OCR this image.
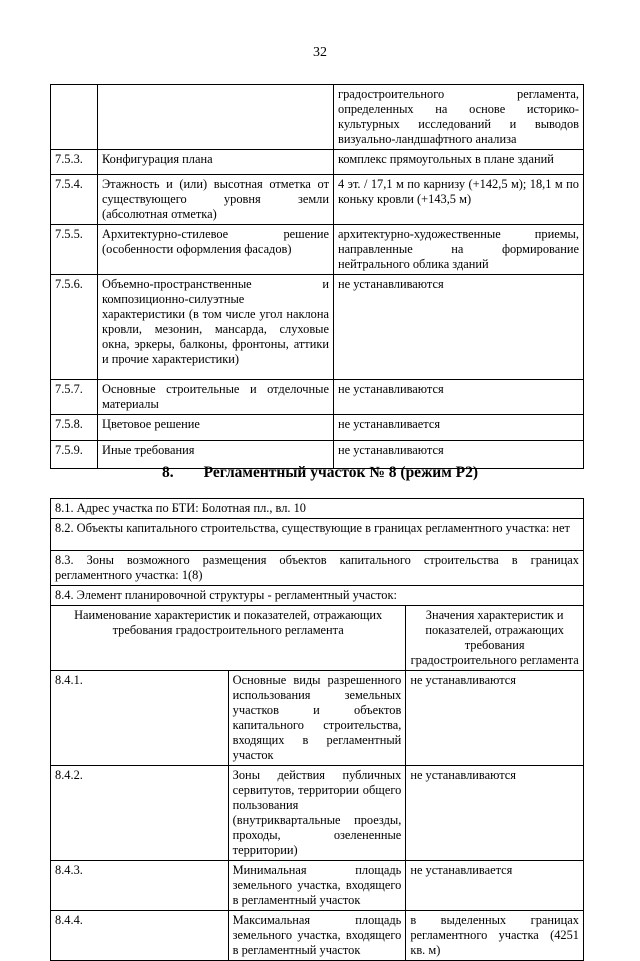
32
		градостроительного регламента, определенных на основе историко-культурных исследований и выводов визуально-ландшафтного анализа
7.5.3.	Конфигурация плана	комплекс прямоугольных в плане зданий
7.5.4.	Этажность и (или) высотная отметка от существующего уровня земли (абсолютная отметка)	4 эт. / 17,1 м по карнизу (+142,5 м); 18,1 м по коньку кровли (+143,5 м)
7.5.5.	Архитектурно-стилевое решение (особенности оформления фасадов)	архитектурно-художественные приемы, направленные на формирование нейтрального облика зданий
7.5.6.	Объемно-пространственные и композиционно-силуэтные характеристики (в том числе угол наклона кровли, мезонин, мансарда, слуховые окна, эркеры, балконы, фронтоны, аттики и прочие характеристики)	не устанавливаются
7.5.7.	Основные строительные и отделочные материалы	не устанавливаются
7.5.8.	Цветовое решение	не устанавливается
7.5.9.	Иные требования	не устанавливаются
8. Регламентный участок № 8 (режим Р2)
8.1. Адрес участка по БТИ: Болотная пл., вл. 10		
8.2. Объекты капитального строительства, существующие в границах регламентного участка: нет		
8.3. Зоны возможного размещения объектов капитального строительства в границах регламентного участка: 1(8)		
8.4. Элемент планировочной структуры - регламентный участок:		
Наименование характеристик и показателей, отражающих требования градостроительного регламента		Значения характеристик и показателей, отражающих требования градостроительного регламента
8.4.1.	Основные виды разрешенного использования земельных участков и объектов капитального строительства, входящих в регламентный участок	не устанавливаются
8.4.2.	Зоны действия публичных сервитутов, территории общего пользования (внутриквартальные проезды, проходы, озелененные территории)	не устанавливаются
8.4.3.	Минимальная площадь земельного участка, входящего в регламентный участок	не устанавливается
8.4.4.	Максимальная площадь земельного участка, входящего в регламентный участок	в выделенных границах регламентного участка (4251 кв. м)
